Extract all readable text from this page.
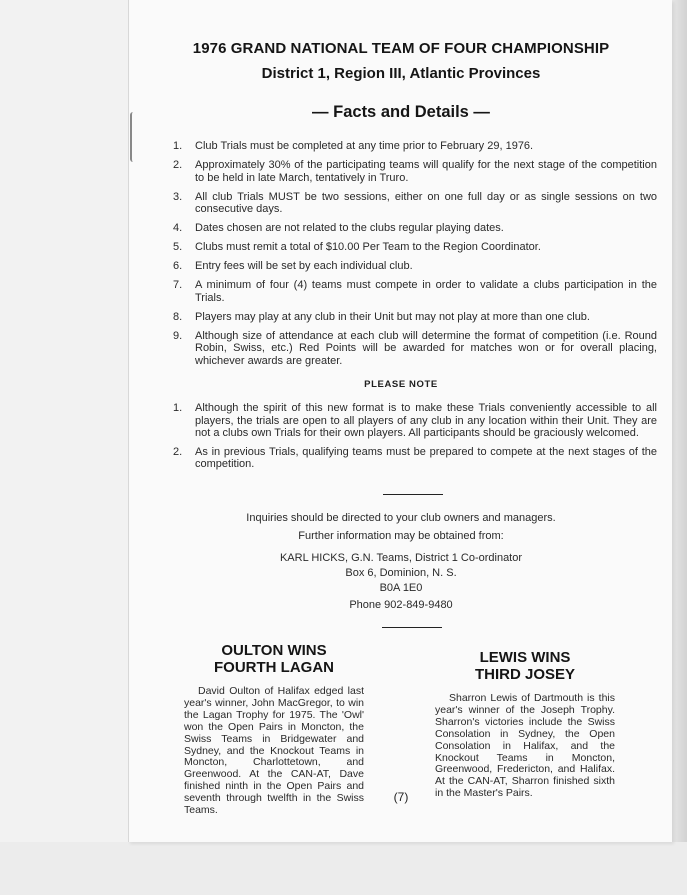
1976 GRAND NATIONAL TEAM OF FOUR CHAMPIONSHIP
District 1, Region III, Atlantic Provinces
— Facts and Details —
1. Club Trials must be completed at any time prior to February 29, 1976.
2. Approximately 30% of the participating teams will qualify for the next stage of the competition to be held in late March, tentatively in Truro.
3. All club Trials MUST be two sessions, either on one full day or as single sessions on two consecutive days.
4. Dates chosen are not related to the clubs regular playing dates.
5. Clubs must remit a total of $10.00 Per Team to the Region Coordinator.
6. Entry fees will be set by each individual club.
7. A minimum of four (4) teams must compete in order to validate a clubs participation in the Trials.
8. Players may play at any club in their Unit but may not play at more than one club.
9. Although size of attendance at each club will determine the format of competition (i.e. Round Robin, Swiss, etc.) Red Points will be awarded for matches won or for overall placing, whichever awards are greater.
PLEASE NOTE
1. Although the spirit of this new format is to make these Trials conveniently accessible to all players, the trials are open to all players of any club in any location within their Unit. They are not a clubs own Trials for their own players. All participants should be graciously welcomed.
2. As in previous Trials, qualifying teams must be prepared to compete at the next stages of the competition.
Inquiries should be directed to your club owners and managers.
Further information may be obtained from:
KARL HICKS, G.N. Teams, District 1 Co-ordinator
Box 6, Dominion, N. S.
B0A 1E0
Phone 902-849-9480
OULTON WINS
FOURTH LAGAN
David Oulton of Halifax edged last year's winner, John MacGregor, to win the Lagan Trophy for 1975. The 'Owl' won the Open Pairs in Moncton, the Swiss Teams in Bridgewater and Sydney, and the Knockout Teams in Moncton, Charlottetown, and Greenwood. At the CAN-AT, Dave finished ninth in the Open Pairs and seventh through twelfth in the Swiss Teams.
LEWIS WINS
THIRD JOSEY
Sharron Lewis of Dartmouth is this year's winner of the Joseph Trophy. Sharron's victories include the Swiss Consolation in Sydney, the Open Consolation in Halifax, and the Knockout Teams in Moncton, Greenwood, Fredericton, and Halifax. At the CAN-AT, Sharron finished sixth in the Master's Pairs.
(7)
